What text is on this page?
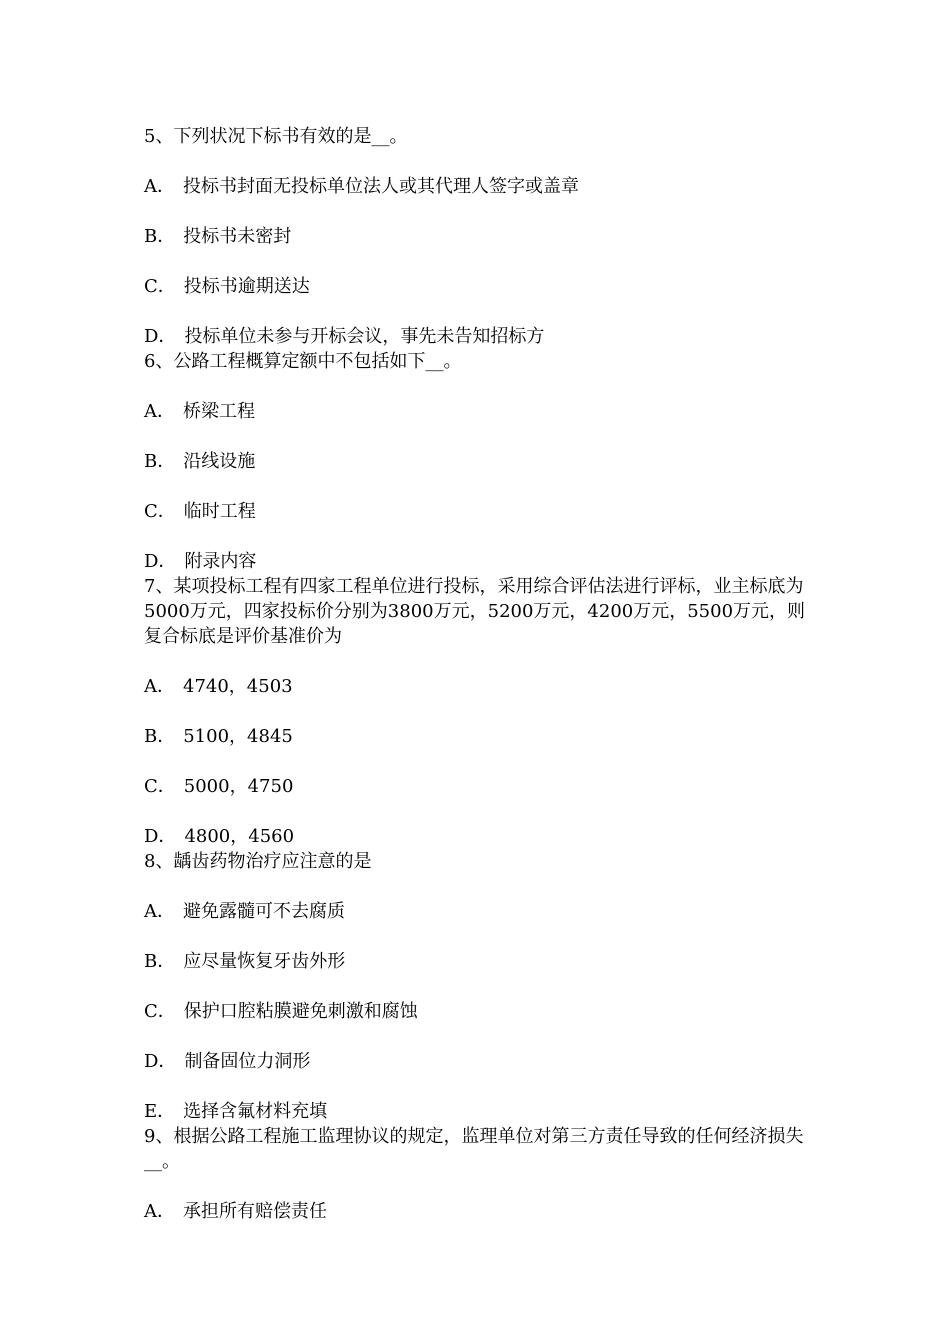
5、下列状况下标书有效的是__。

A． 投标书封面无投标单位法人或其代理人签字或盖章

B． 投标书未密封

C． 投标书逾期送达

D． 投标单位未参与开标会议，事先未告知招标方

6、公路工程概算定额中不包括如下__。

A． 桥梁工程

B． 沿线设施

C． 临时工程

D． 附录内容

7、某项投标工程有四家工程单位进行投标，采用综合评估法进行评标，业主标底为5000万元，四家投标价分别为3800万元，5200万元，4200万元，5500万元，则复合标底是评价基准价为

A． 4740，4503

B． 5100，4845

C． 5000，4750

D． 4800，4560

8、龋齿药物治疗应注意的是

A． 避免露髓可不去腐质

B． 应尽量恢复牙齿外形

C． 保护口腔粘膜避免刺激和腐蚀

D． 制备固位力洞形

E． 选择含氟材料充填

9、根据公路工程施工监理协议的规定，监理单位对第三方责任导致的任何经济损失__。

A． 承担所有赔偿责任
